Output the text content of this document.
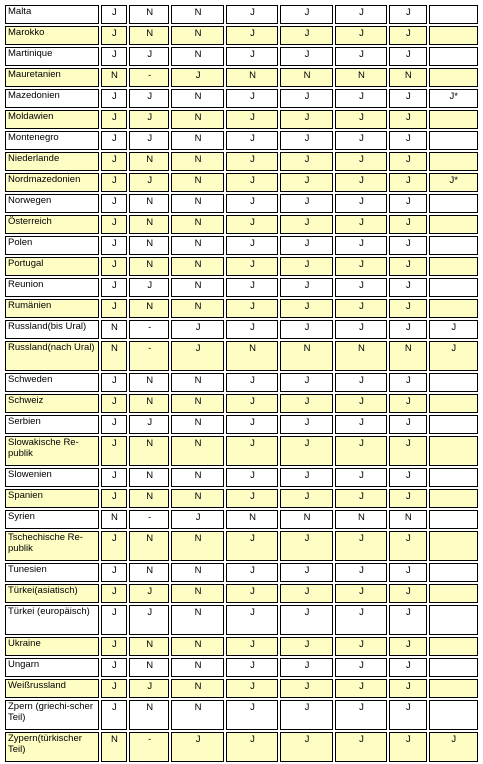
Malta	J	N	N	J	J	J	J	
Marokko	J	N	N	J	J	J	J	
Martinique	J	J	N	J	J	J	J	
Mauretanien	N	-	J	N	N	N	N	
Mazedonien	J	J	N	J	J	J	J	J*
Moldawien	J	J	N	J	J	J	J	
Montenegro	J	J	N	J	J	J	J	
Niederlande	J	N	N	J	J	J	J	
Nordmazedonien	J	J	N	J	J	J	J	J*
Norwegen	J	N	N	J	J	J	J	
Österreich	J	N	N	J	J	J	J	
Polen	J	N	N	J	J	J	J	
Portugal	J	N	N	J	J	J	J	
Reunion	J	J	N	J	J	J	J	
Rumänien	J	N	N	J	J	J	J	
Russland(bis Ural)	N	-	J	J	J	J	J	J
Russland(nach Ural)	N	-	J	N	N	N	N	J
Schweden	J	N	N	J	J	J	J	
Schweiz	J	N	N	J	J	J	J	
Serbien	J	J	N	J	J	J	J	
Slowakische Re-publik	J	N	N	J	J	J	J	
Slowenien	J	N	N	J	J	J	J	
Spanien	J	N	N	J	J	J	J	
Syrien	N	-	J	N	N	N	N	
Tschechische Re-publik	J	N	N	J	J	J	J	
Tunesien	J	N	N	J	J	J	J	
Türkei(asiatisch)	J	J	N	J	J	J	J	
Türkei (europäisch)	J	J	N	J	J	J	J	
Ukraine	J	N	N	J	J	J	J	
Ungarn	J	N	N	J	J	J	J	
Weißrussland	J	J	N	J	J	J	J	
Zpern (griechi-scher Teil)	J	N	N	J	J	J	J	
Zypern(türkischer Teil)	N	-	J	J	J	J	J	J
